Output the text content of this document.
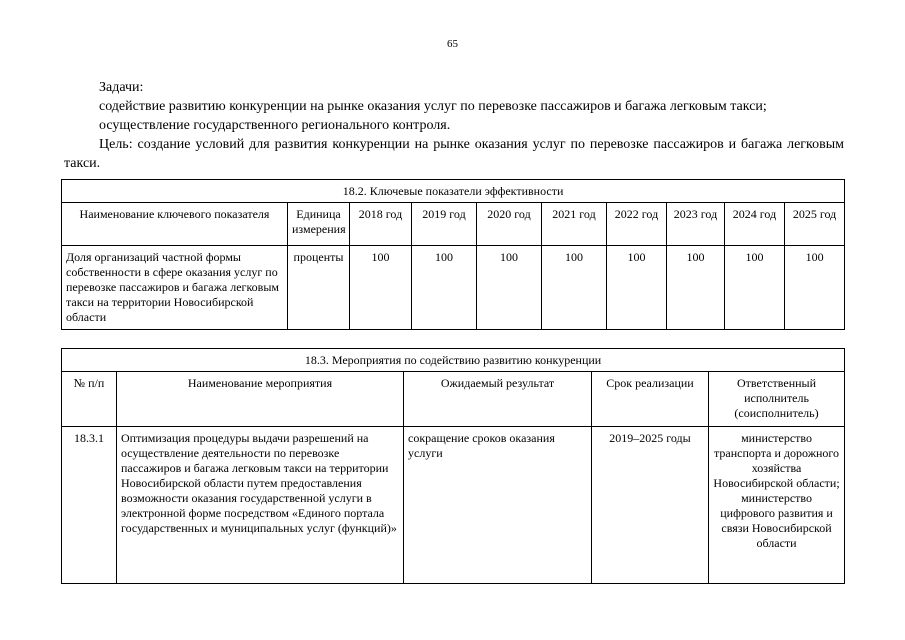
65

Задачи:

содействие развитию конкуренции на рынке оказания услуг по перевозке пассажиров и багажа легковым такси;

осуществление государственного регионального контроля.

Цель: создание условий для развития конкуренции на рынке оказания услуг по перевозке пассажиров и багажа легковым такси.

18.2. Ключевые показатели эффективности									
Наименование ключевого показателя	Единица измерения	2018 год	2019 год	2020 год	2021 год	2022 год	2023 год	2024 год	2025 год
Доля организаций частной формы собственности в сфере оказания услуг по перевозке пассажиров и багажа легковым такси на территории Новосибирской области	проценты	100	100	100	100	100	100	100	100
18.3. Мероприятия по содействию развитию конкуренции				
№ п/п	Наименование мероприятия	Ожидаемый результат	Срок реализации	Ответственный исполнитель (соисполнитель)
18.3.1	Оптимизация процедуры выдачи разрешений на осуществление деятельности по перевозке пассажиров и багажа легковым такси на территории Новосибирской области путем предоставления возможности оказания государственной услуги в электронной форме посредством «Единого портала государственных и муниципальных услуг (функций)»	сокращение сроков оказания услуги	2019–2025 годы	министерство транспорта и дорожного хозяйства Новосибирской области; министерство цифрового развития и связи Новосибирской области
